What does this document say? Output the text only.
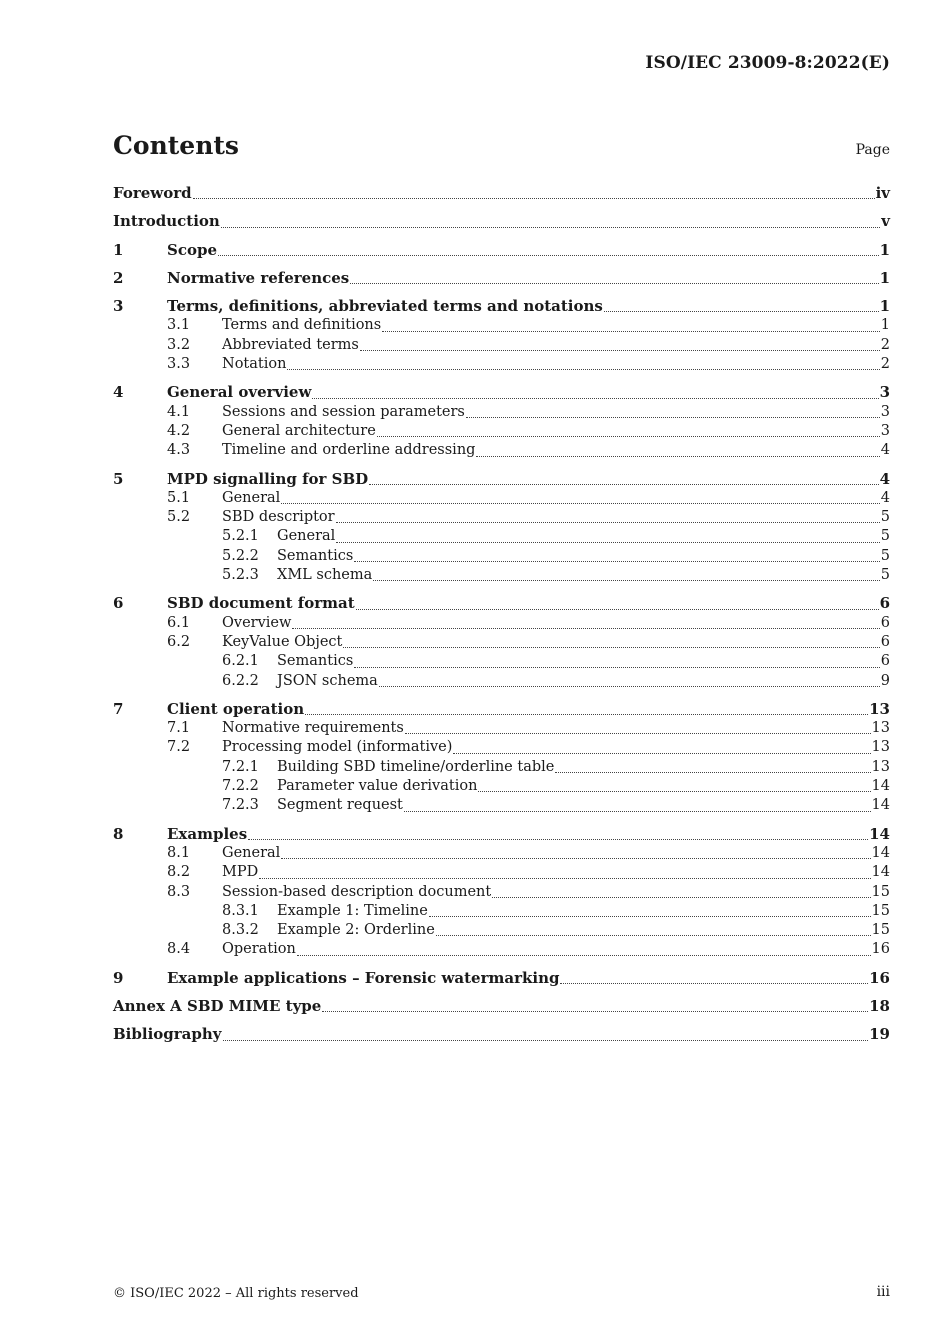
ISO/IEC 23009-8:2022(E)
Contents	Page
Foreword	iv
Introduction	v
1	Scope	1
2	Normative references	1
3	Terms, definitions, abbreviated terms and notations	1
3.1	Terms and definitions	1
3.2	Abbreviated terms	2
3.3	Notation	2
4	General overview	3
4.1	Sessions and session parameters	3
4.2	General architecture	3
4.3	Timeline and orderline addressing	4
5	MPD signalling for SBD	4
5.1	General	4
5.2	SBD descriptor	5
5.2.1	General	5
5.2.2	Semantics	5
5.2.3	XML schema	5
6	SBD document format	6
6.1	Overview	6
6.2	KeyValue Object	6
6.2.1	Semantics	6
6.2.2	JSON schema	9
7	Client operation	13
7.1	Normative requirements	13
7.2	Processing model (informative)	13
7.2.1	Building SBD timeline/orderline table	13
7.2.2	Parameter value derivation	14
7.2.3	Segment request	14
8	Examples	14
8.1	General	14
8.2	MPD	14
8.3	Session-based description document	15
8.3.1	Example 1: Timeline	15
8.3.2	Example 2: Orderline	15
8.4	Operation	16
9	Example applications – Forensic watermarking	16
Annex A SBD MIME type	18
Bibliography	19
© ISO/IEC 2022 – All rights reserved	iii
